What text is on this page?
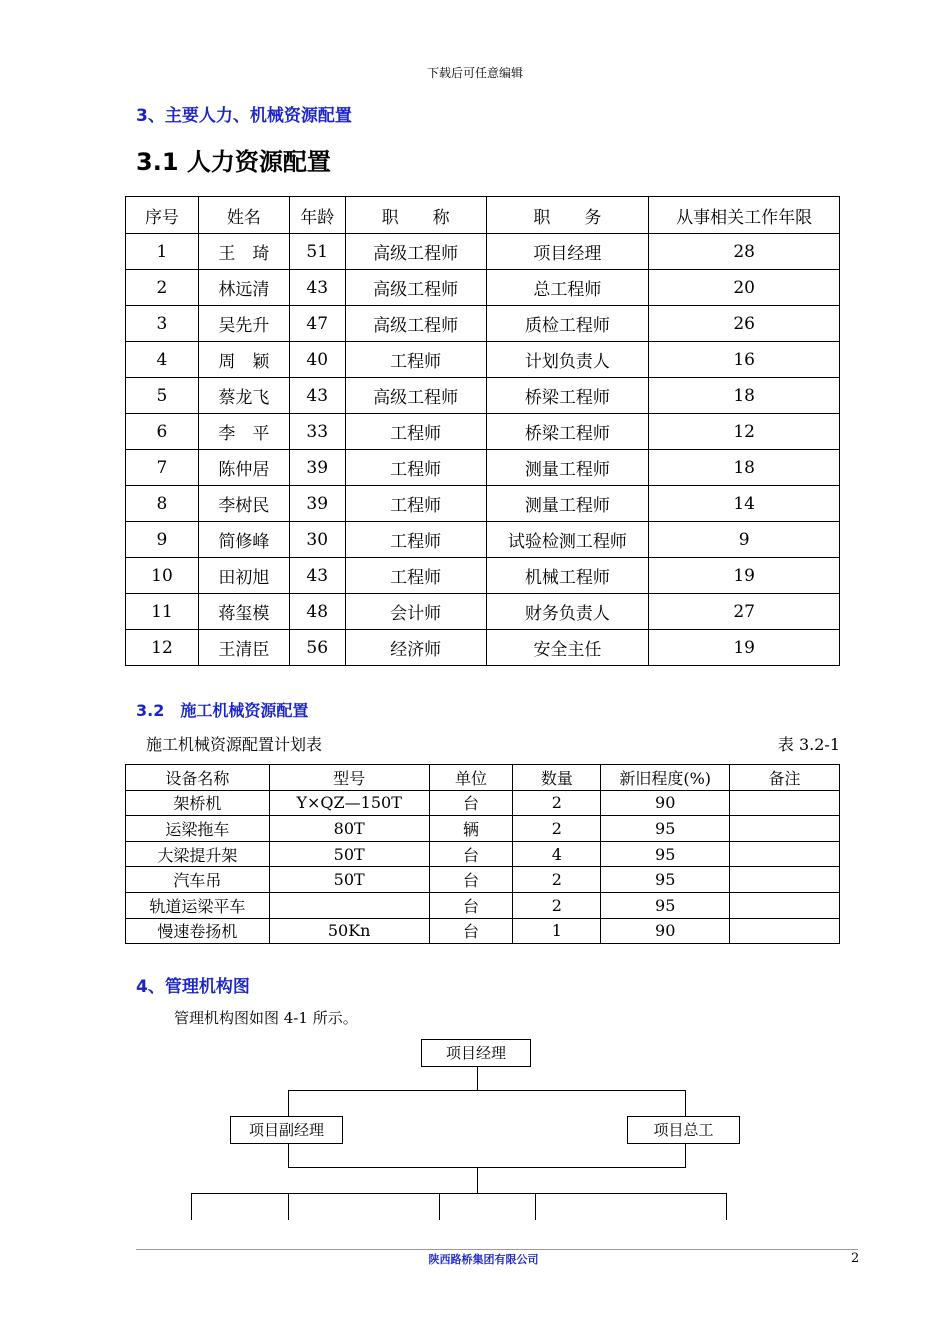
下载后可任意编辑
3、主要人力、机械资源配置
3.1 人力资源配置
序号	姓名	年龄	职　　称	职　　务	从事相关工作年限
1	王　琦	51	高级工程师	项目经理	28
2	林远清	43	高级工程师	总工程师	20
3	吴先升	47	高级工程师	质检工程师	26
4	周　颖	40	工程师	计划负责人	16
5	蔡龙飞	43	高级工程师	桥梁工程师	18
6	李　平	33	工程师	桥梁工程师	12
7	陈仲居	39	工程师	测量工程师	18
8	李树民	39	工程师	测量工程师	14
9	简修峰	30	工程师	试验检测工程师	9
10	田初旭	43	工程师	机械工程师	19
11	蒋玺模	48	会计师	财务负责人	27
12	王清臣	56	经济师	安全主任	19
3.2　施工机械资源配置
施工机械资源配置计划表	表 3.2-1
设备名称	型号	单位	数量	新旧程度(%)	备注
架桥机	Y×QZ—150T	台	2	90	
运梁拖车	80T	辆	2	95	
大梁提升架	50T	台	4	95	
汽车吊	50T	台	2	95	
轨道运梁平车		台	2	95	
慢速卷扬机	50Kn	台	1	90	
4、管理机构图
管理机构图如图 4-1 所示。
项目经理
项目副经理	项目总工
陕西路桥集团有限公司	2
